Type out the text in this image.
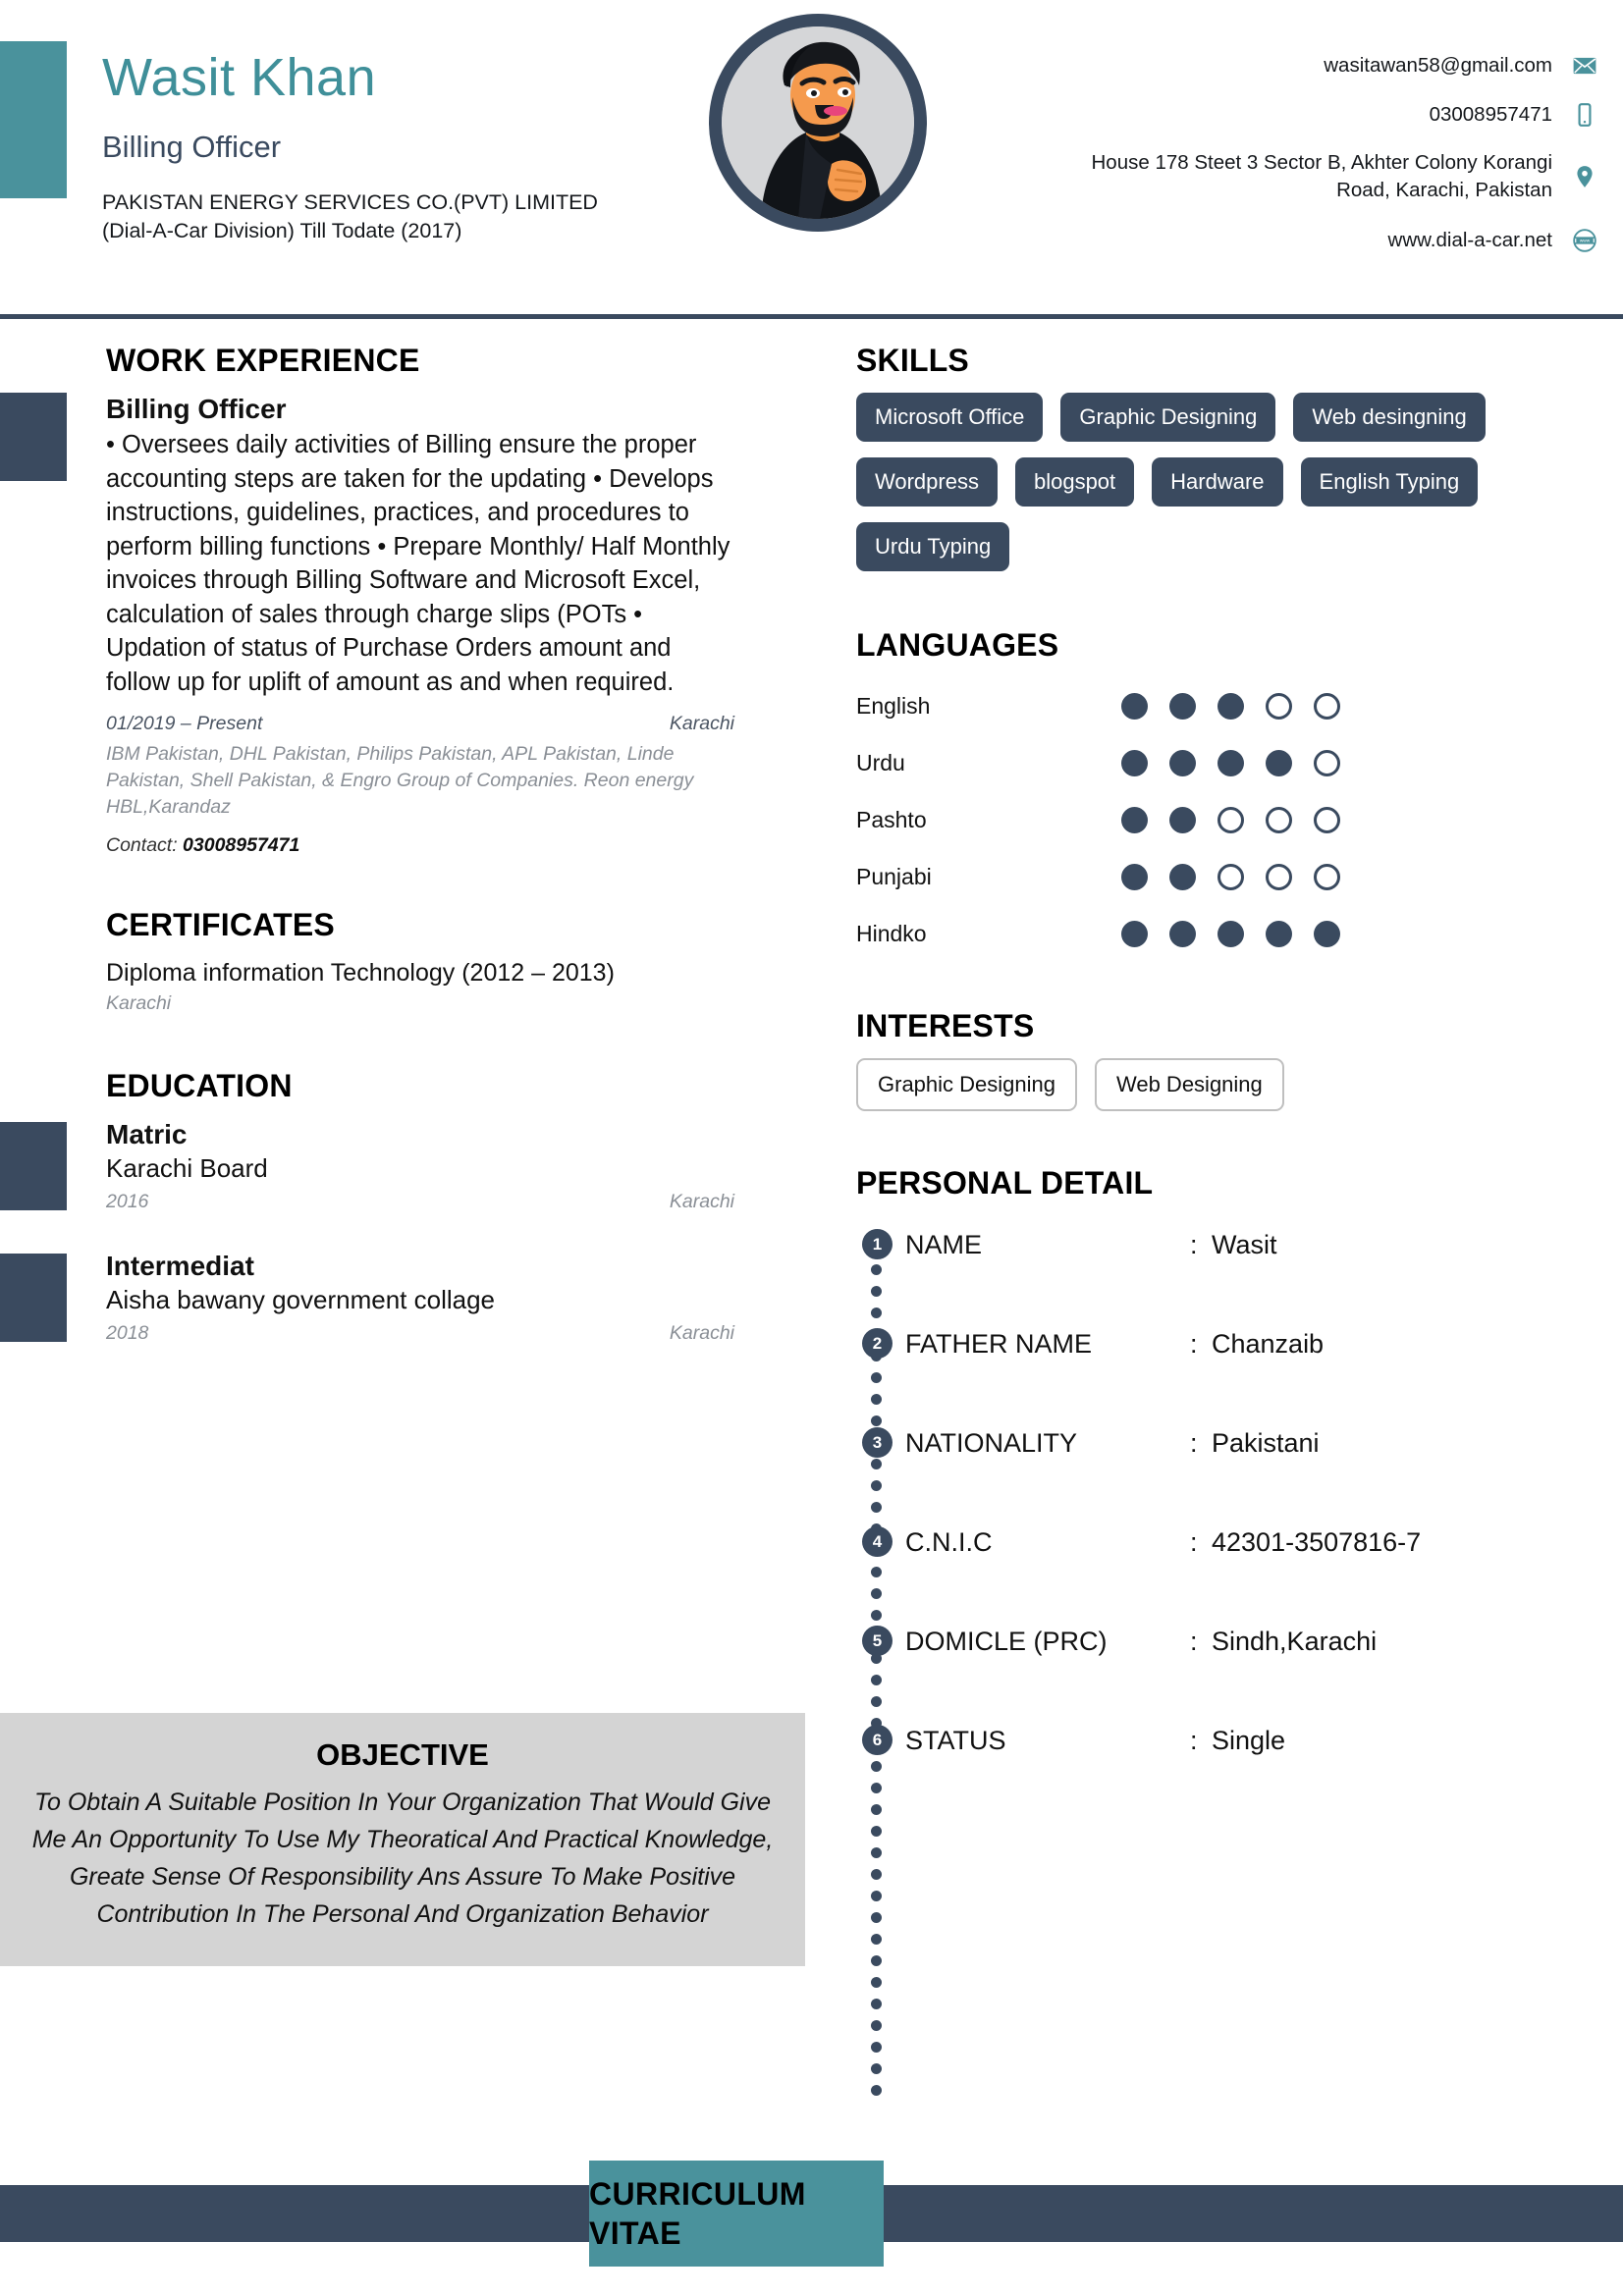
Wasit Khan
Billing Officer
PAKISTAN ENERGY SERVICES CO.(PVT) LIMITED
(Dial-A-Car Division) Till Todate (2017)
wasitawan58@gmail.com
03008957471
House 178 Steet 3 Sector B, Akhter Colony Korangi Road, Karachi, Pakistan
www.dial-a-car.net	www
WORK EXPERIENCE
Billing Officer
• Oversees daily activities of Billing ensure the proper accounting steps are taken for the updating • Develops instructions, guidelines, practices, and procedures to perform billing functions • Prepare Monthly/ Half Monthly invoices through Billing Software and Microsoft Excel, calculation of sales through charge slips (POTs • Updation of status of Purchase Orders amount and follow up for uplift of amount as and when required.
01/2019 – Present	Karachi
IBM Pakistan, DHL Pakistan, Philips Pakistan, APL Pakistan, Linde Pakistan, Shell Pakistan, & Engro Group of Companies. Reon energy HBL,Karandaz
Contact: 03008957471
CERTIFICATES
Diploma information Technology (2012 – 2013)
Karachi
EDUCATION
Matric
Karachi Board
2016	Karachi
Intermediat
Aisha bawany government collage
2018	Karachi
OBJECTIVE
To Obtain A Suitable Position In Your Organization That Would Give Me An Opportunity To Use My Theoratical And Practical Knowledge, Greate Sense Of Responsibility Ans Assure To Make Positive Contribution In The Personal And Organization Behavior
SKILLS
Microsoft Office	Graphic Designing	Web desingning
Wordpress	blogspot	Hardware	English Typing
Urdu Typing
LANGUAGES
English
Urdu
Pashto
Punjabi
Hindko
INTERESTS
Graphic Designing	Web Designing
PERSONAL DETAIL
1 NAME	: Wasit
2 FATHER NAME	: Chanzaib
3 NATIONALITY	: Pakistani
4 C.N.I.C	: 42301-3507816-7
5 DOMICLE (PRC)	: Sindh,Karachi
6 STATUS	: Single
CURRICULUM VITAE
